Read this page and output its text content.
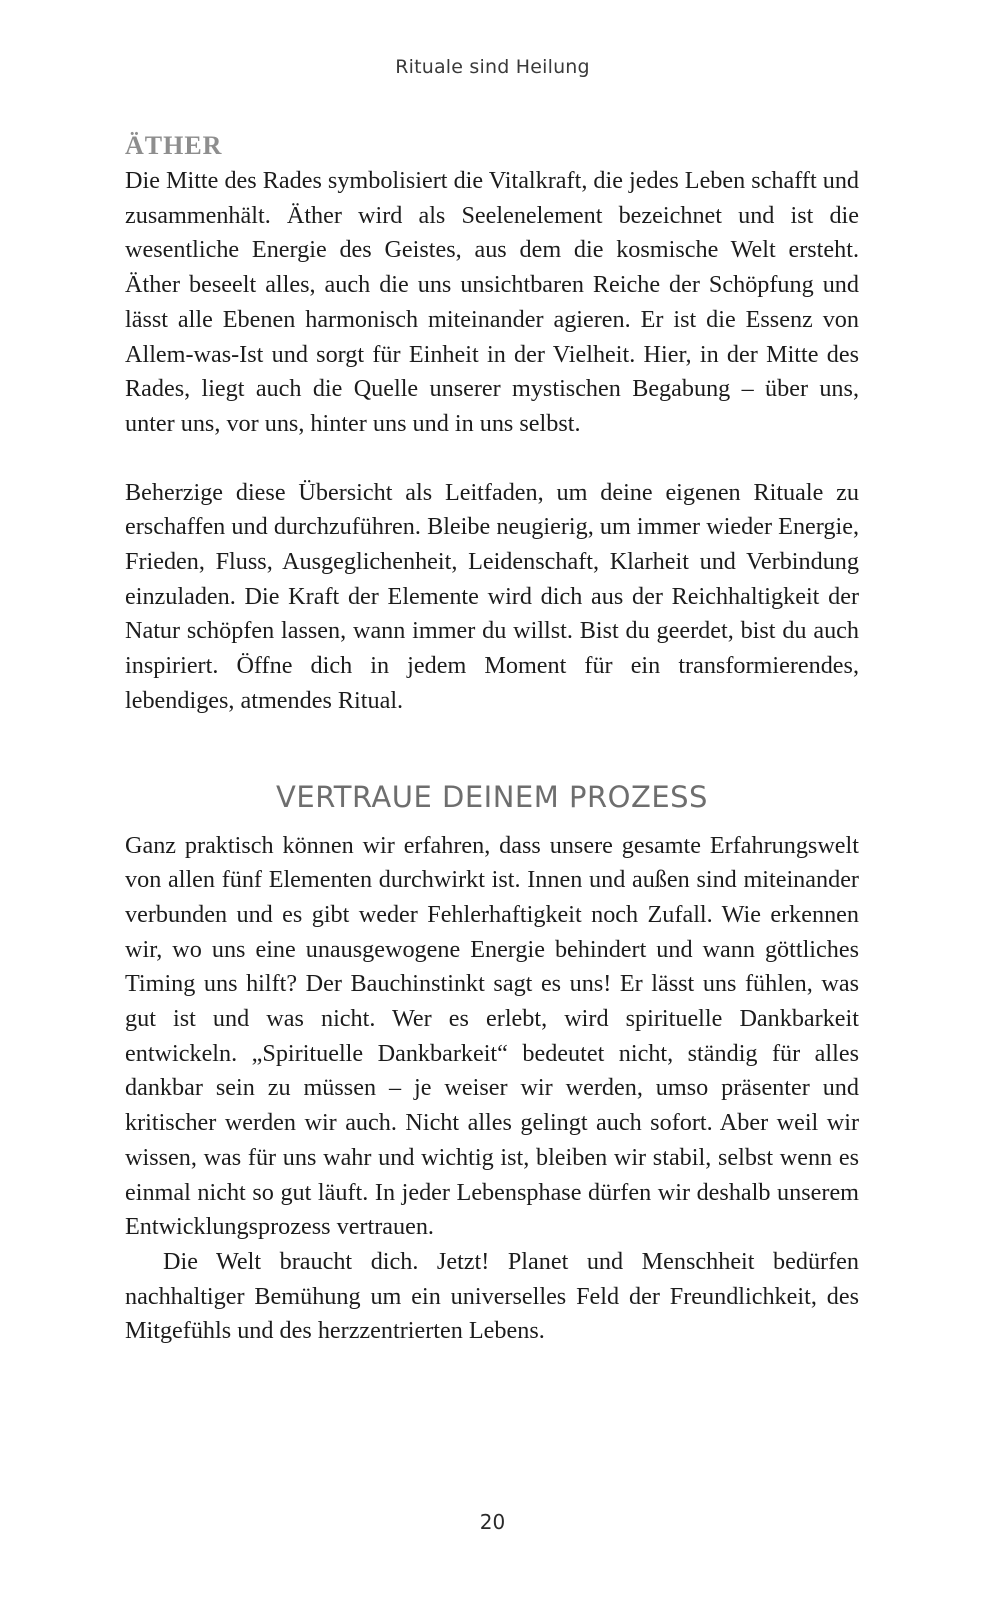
Rituale sind Heilung
ÄTHER

Die Mitte des Rades symbolisiert die Vitalkraft, die jedes Leben schafft und zusammenhält. Äther wird als Seelenelement bezeichnet und ist die wesentliche Energie des Geistes, aus dem die kosmische Welt ersteht. Äther beseelt alles, auch die uns unsichtbaren Reiche der Schöpfung und lässt alle Ebenen harmonisch miteinander agieren. Er ist die Essenz von Allem-was-Ist und sorgt für Einheit in der Vielheit. Hier, in der Mitte des Rades, liegt auch die Quelle unserer mystischen Begabung – über uns, unter uns, vor uns, hinter uns und in uns selbst.

Beherzige diese Übersicht als Leitfaden, um deine eigenen Rituale zu erschaffen und durchzuführen. Bleibe neugierig, um immer wieder Energie, Frieden, Fluss, Ausgeglichenheit, Leidenschaft, Klarheit und Verbindung einzuladen. Die Kraft der Elemente wird dich aus der Reichhaltigkeit der Natur schöpfen lassen, wann immer du willst. Bist du geerdet, bist du auch inspiriert. Öffne dich in jedem Moment für ein transformierendes, lebendiges, atmendes Ritual.

VERTRAUE DEINEM PROZESS

Ganz praktisch können wir erfahren, dass unsere gesamte Erfahrungswelt von allen fünf Elementen durchwirkt ist. Innen und außen sind miteinander verbunden und es gibt weder Fehlerhaftigkeit noch Zufall. Wie erkennen wir, wo uns eine unausgewogene Energie behindert und wann göttliches Timing uns hilft? Der Bauchinstinkt sagt es uns! Er lässt uns fühlen, was gut ist und was nicht. Wer es erlebt, wird spirituelle Dankbarkeit entwickeln. „Spirituelle Dankbarkeit“ bedeutet nicht, ständig für alles dankbar sein zu müssen – je weiser wir werden, umso präsenter und kritischer werden wir auch. Nicht alles gelingt auch sofort. Aber weil wir wissen, was für uns wahr und wichtig ist, bleiben wir stabil, selbst wenn es einmal nicht so gut läuft. In jeder Lebensphase dürfen wir deshalb unserem Entwicklungsprozess vertrauen.

Die Welt braucht dich. Jetzt! Planet und Menschheit bedürfen nachhaltiger Bemühung um ein universelles Feld der Freundlichkeit, des Mitgefühls und des herzzentrierten Lebens.

20
